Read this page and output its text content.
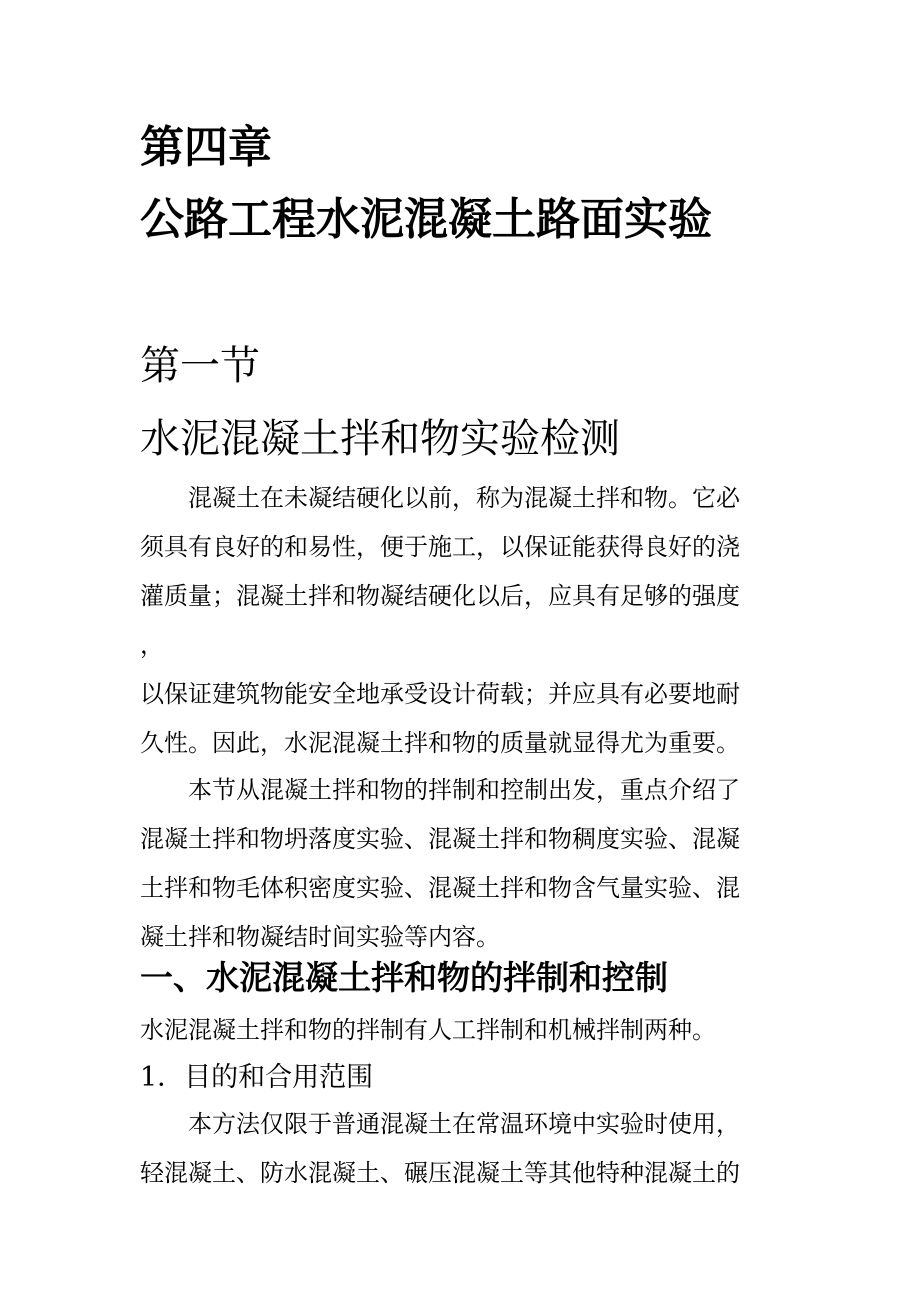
第四章
公路工程水泥混凝土路面实验
第一节
水泥混凝土拌和物实验检测
混凝土在未凝结硬化以前，称为混凝土拌和物。它必
须具有良好的和易性，便于施工，以保证能获得良好的浇
灌质量；混凝土拌和物凝结硬化以后，应具有足够的强度
，
以保证建筑物能安全地承受设计荷载；并应具有必要地耐
久性。因此，水泥混凝土拌和物的质量就显得尤为重要。
本节从混凝土拌和物的拌制和控制出发，重点介绍了
混凝土拌和物坍落度实验、混凝土拌和物稠度实验、混凝
土拌和物毛体积密度实验、混凝土拌和物含气量实验、混
凝土拌和物凝结时间实验等内容。
一、水泥混凝土拌和物的拌制和控制
水泥混凝土拌和物的拌制有人工拌制和机械拌制两种。
1．目的和合用范围
本方法仅限于普通混凝土在常温环境中实验时使用，
轻混凝土、防水混凝土、碾压混凝土等其他特种混凝土的
